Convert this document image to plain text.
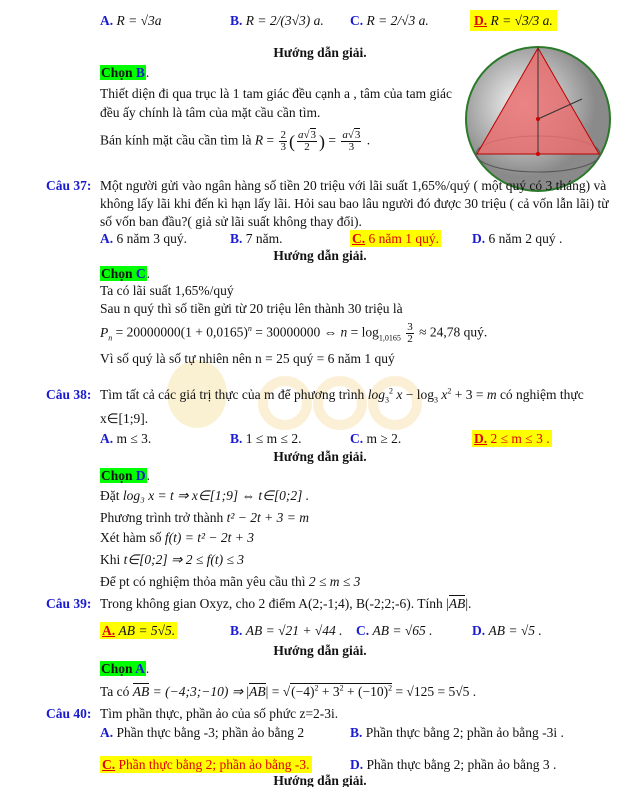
A. R = √3a	B. R = 2/(3√3) a. C. R = 2/√3 a.	D. R = √3/3 a.
Hướng dẫn giải.
Chọn B.
Thiết diện đi qua trục là 1 tam giác đều cạnh a , tâm của tam giác
đều ấy chính là tâm của mặt cầu cần tìm.
Bán kính mặt cầu cần tìm là $R = \frac{2}{3}$ ( $\frac{a√3}{2}$ ) = $\frac{a√3}{3}$ .
Câu 37: Một người gửi vào ngân hàng số tiền 20 triệu với lãi suất 1,65%/quý ( một quý có 3 tháng) và
không lấy lãi khi đến kì hạn lấy lãi. Hỏi sau bao lâu người đó được 30 triệu ( cả vốn lẫn lãi) từ
số vốn ban đầu?( giả sử lãi suất không thay đổi).
A. 6 năm 3 quý.	B. 7 năm.	C. 6 năm 1 quý. D. 6 năm 2 quý .
Hướng dẫn giải.
Chọn C.
Ta có lãi suất 1,65%/quý
Sau n quý thì số tiền gửi từ 20 triệu lên thành 30 triệu là
$P_n = 20000000(1 + 0,0165)^n = 30000000$ ⇔ $n = \log_{1,0165} \frac{3}{2} \approx 24,78$ quý.
Vì số quý là số tự nhiên nên n = 25 quý = 6 năm 1 quý
Câu 38: Tìm tất cả các giá trị thực của m để phương trình $\log_3^2 x - \log_3 x^2 + 3 = m$ có nghiệm thực
x∈[1;9].
A. m ≤ 3.	B. 1 ≤ m ≤ 2.	C. m ≥ 2.	D. 2 ≤ m ≤ 3 .
Hướng dẫn giải.
Chọn D.
Đặt log₃ x = t ⇒ x∈[1;9] ⇔ t∈[0;2] .
Phương trình trở thành t² − 2t + 3 = m
Xét hàm số f(t) = t² − 2t + 3
Khi t∈[0;2] ⇒ 2 ≤ f(t) ≤ 3
Để pt có nghiệm thỏa mãn yêu cầu thì 2 ≤ m ≤ 3
Câu 39: Trong không gian Oxyz, cho 2 điểm A(2;-1;4), B(-2;2;-6). Tính |AB|.
A. AB = 5√5.	B. AB = √21 + √44 . C. AB = √65 .	D. AB = √5 .
Hướng dẫn giải.
Chọn A.
Ta có AB = (−4;3;−10) ⇒ $|AB| = √(-4)^2 + 3^2 + (-10)^2 = √125 = 5√5$ .
Câu 40: Tìm phần thực, phần ảo của số phức z=2-3i.
A. Phần thực bằng -3; phần ảo bằng 2	B. Phần thực bằng 2; phần ảo bằng -3i .
C. Phần thực bằng 2; phần ảo bằng -3.	D. Phần thực bằng 2; phần ảo bằng 3 .
Hướng dẫn giải.
